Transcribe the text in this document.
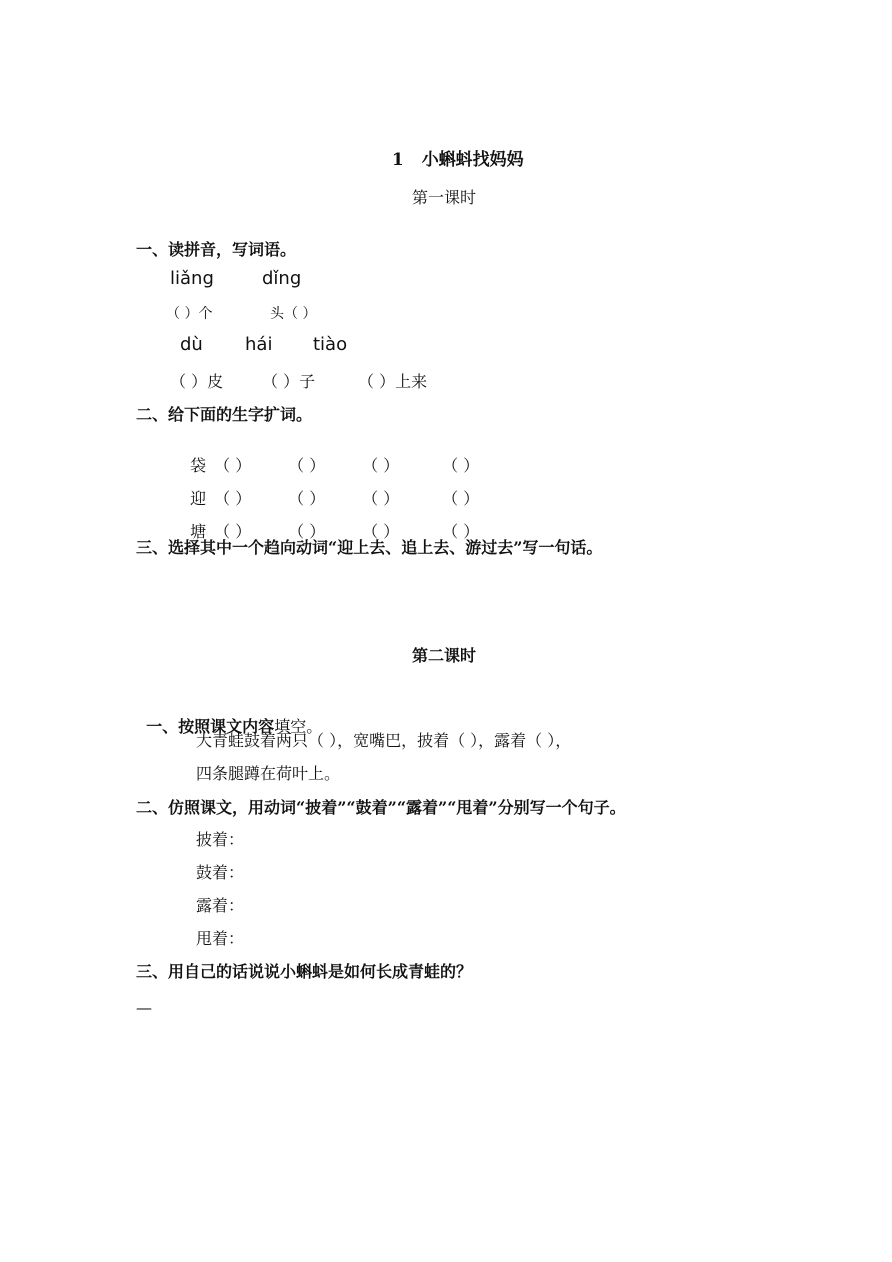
1 小蝌蚪找妈妈

第一课时
一、读拼音，写词语。
liǎng	dǐng
（ ）个	头（ ）
dù hái tiào
（ ）皮 （ ）子	（ ）上来
二、给下面的生字扩词。

袋 （ ） （ ） （ ）	（ ）

迎 （ ） （ ） （ ）	（ ）

塘 （ ） （ ） （ ）	（ ）

三、选择其中一个趋向动词“迎上去、追上去、游过去”写一句话。
第二课时

一、按照课文内容填空。

大青蛙鼓着两只（ ），宽嘴巴，披着（ ），露着（ ），
四条腿蹲在荷叶上。
二、仿照课文，用动词“披着”“鼓着”“露着”“甩着”分别写一个句子。
披着：
鼓着：
露着：
甩着：
三、用自己的话说说小蝌蚪是如何长成青蛙的？
—
